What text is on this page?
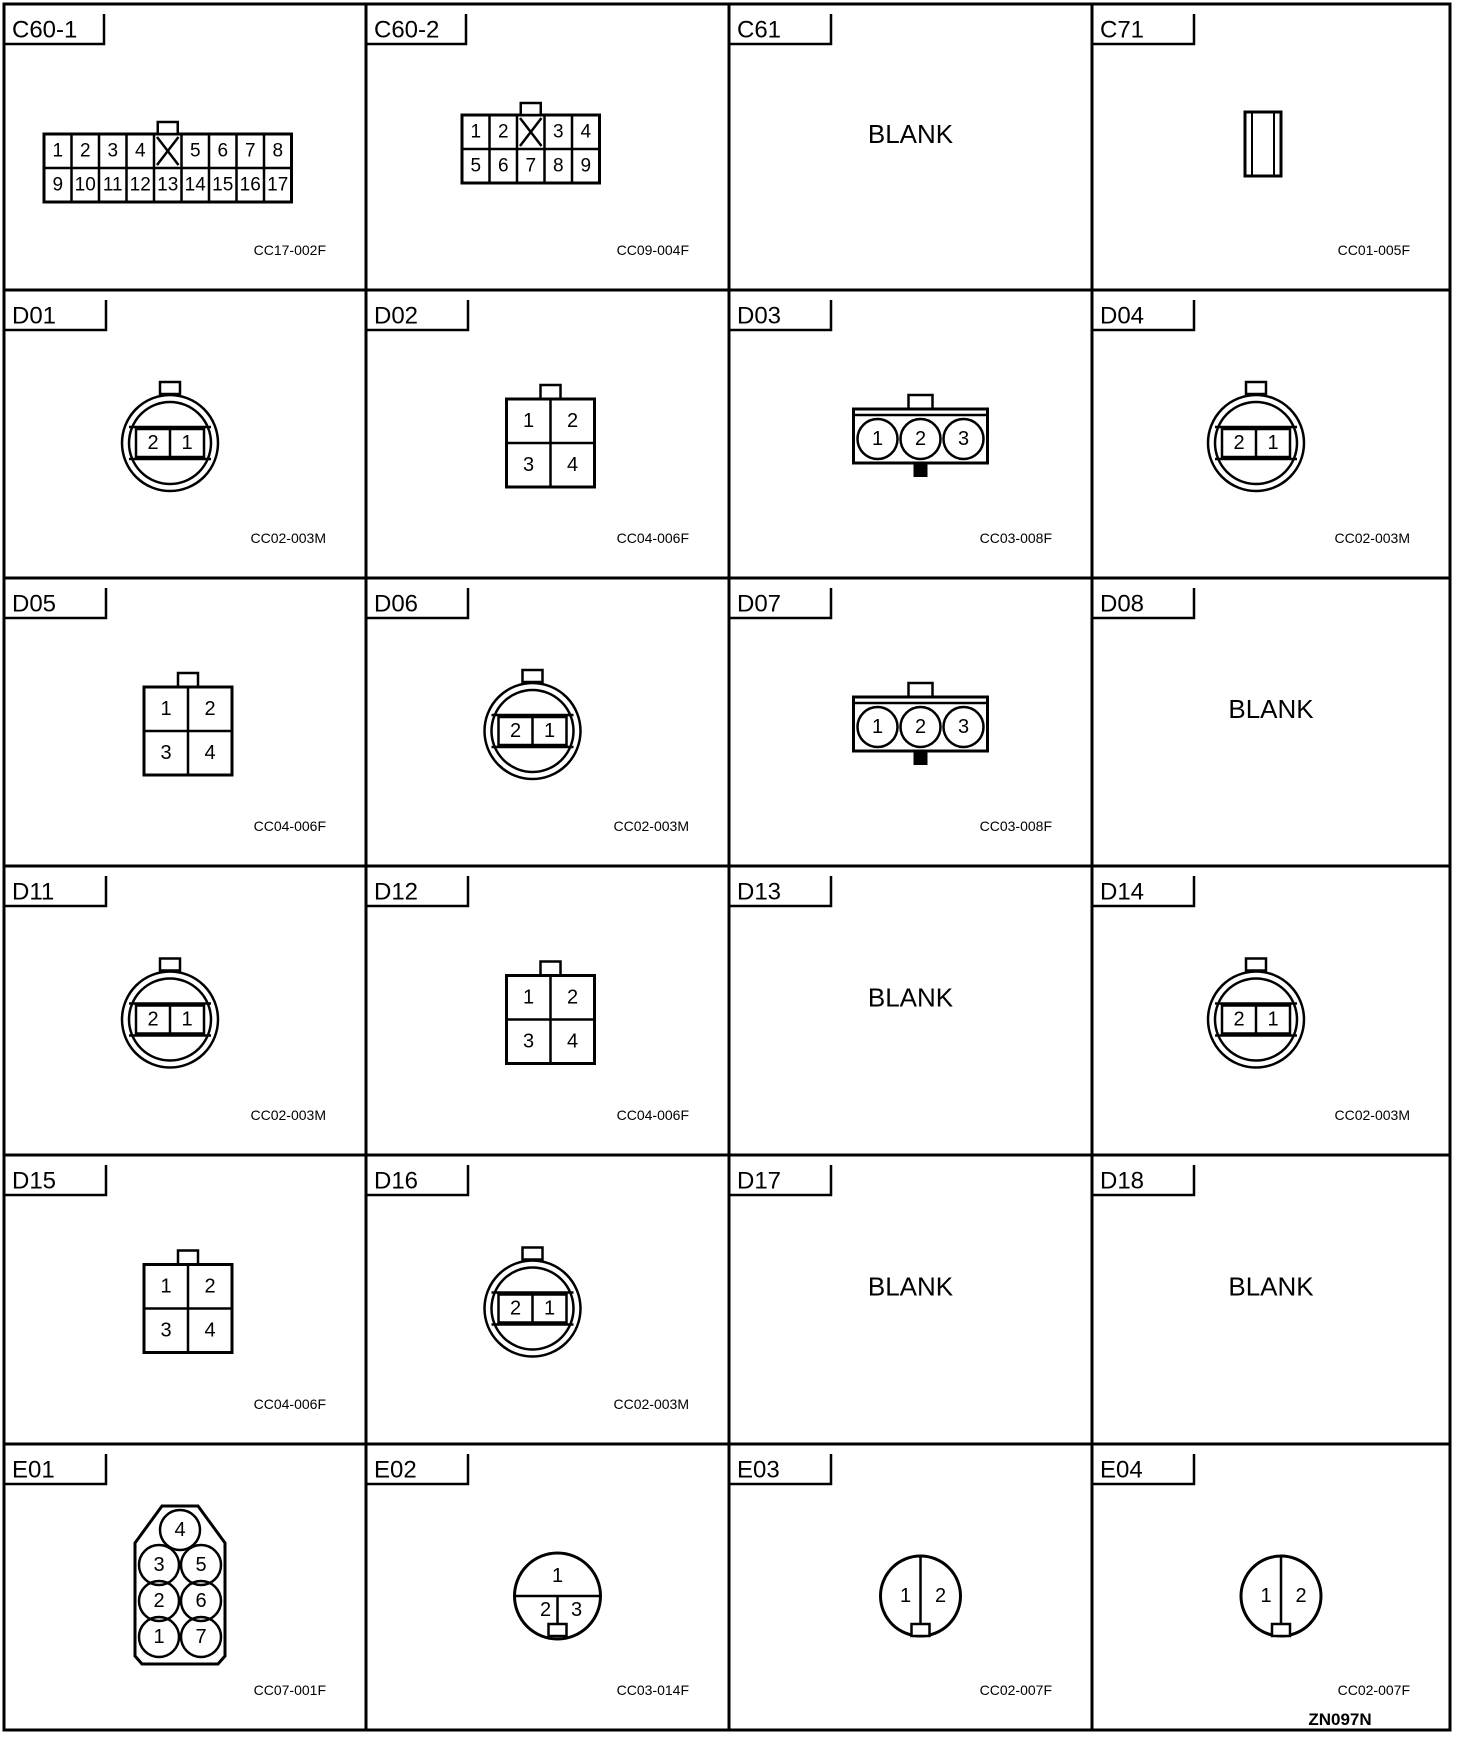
C60-1
1 2 3 4 5 6 7 8
9 10 11 12 13 14 15 16 17
CC17-002F
C60-2
1 2 3 4
5 6 7 8 9
CC09-004F
C61
BLANK
C71
CC01-005F
D01
2 1
CC02-003M
D02
1 2
3 4
CC04-006F
D03
1 2 3
CC03-008F
D04
2 1
CC02-003M
D05
1 2
3 4
CC04-006F
D06
2 1
CC02-003M
D07
1 2 3
CC03-008F
D08
BLANK
D11
2 1
CC02-003M
D12
1 2
3 4
CC04-006F
D13
BLANK
D14
2 1
CC02-003M
D15
1 2
3 4
CC04-006F
D16
2 1
CC02-003M
D17
BLANK
D18
BLANK
E01
4
3 5
2 6
1 7
CC07-001F
E02
1
2 3
CC03-014F
E03
1 2
CC02-007F
E04
1 2
CC02-007F
ZN097N
